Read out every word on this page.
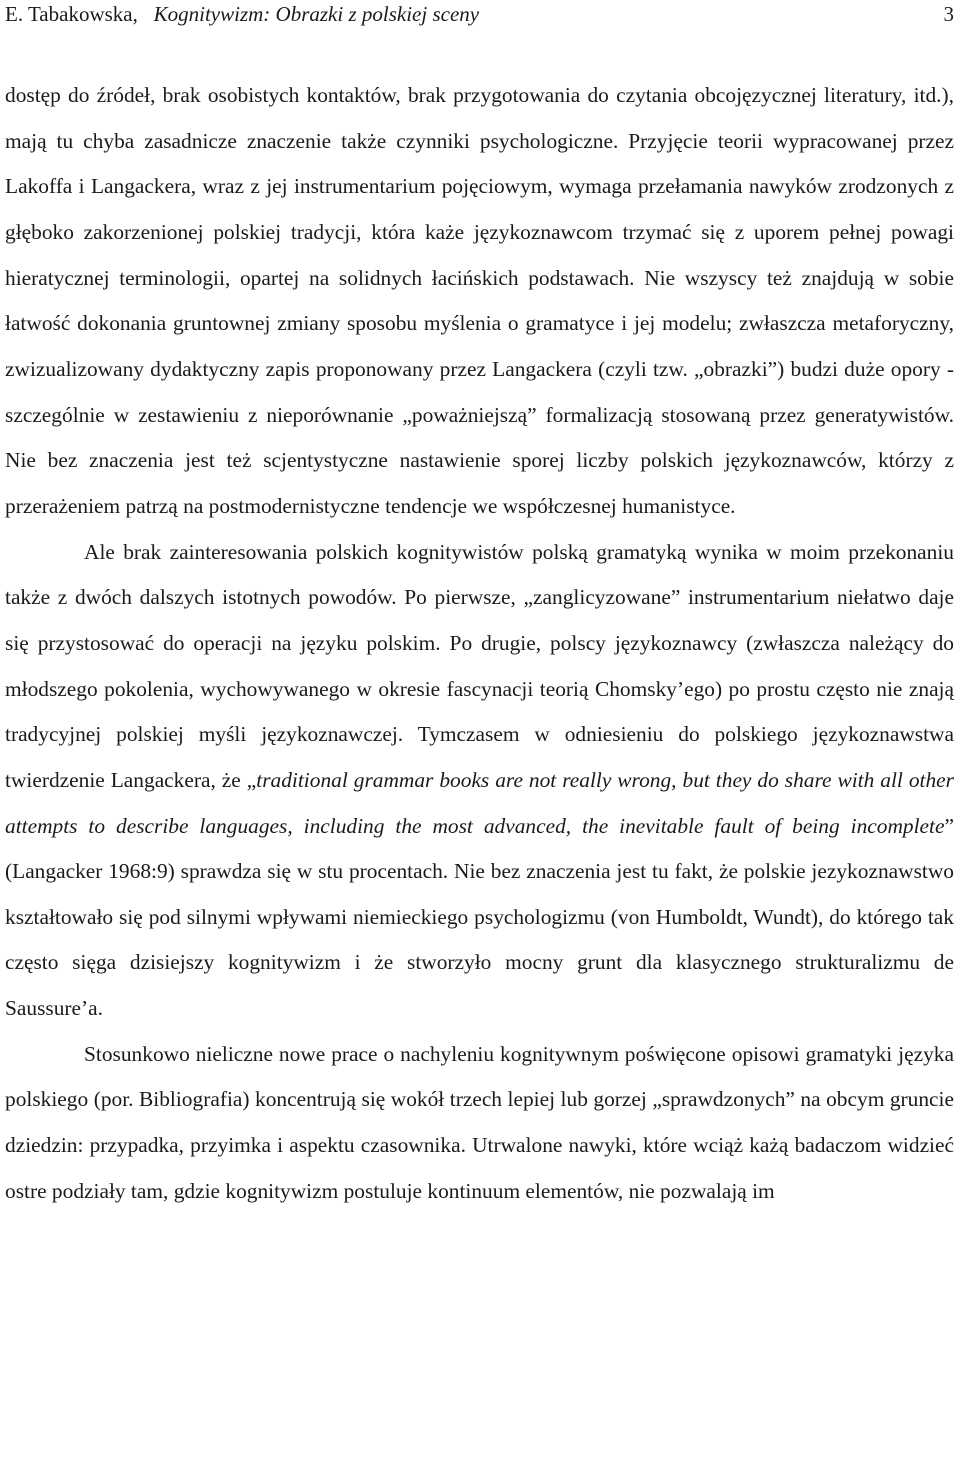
E. Tabakowska, Kognitywizm: Obrazki z polskiej sceny	3

dostęp do źródeł, brak osobistych kontaktów, brak przygotowania do czytania obcojęzycznej literatury, itd.), mają tu chyba zasadnicze znaczenie także czynniki psychologiczne. Przyjęcie teorii wypracowanej przez Lakoffa i Langackera, wraz z jej instrumentarium pojęciowym, wymaga przełamania nawyków zrodzonych z głęboko zakorzenionej polskiej tradycji, która każe językoznawcom trzymać się z uporem pełnej powagi hieratycznej terminologii, opartej na solidnych łacińskich podstawach. Nie wszyscy też znajdują w sobie łatwość dokonania gruntownej zmiany sposobu myślenia o gramatyce i jej modelu; zwłaszcza metaforyczny, zwizualizowany dydaktyczny zapis proponowany przez Langackera (czyli tzw. „obrazki”) budzi duże opory - szczególnie w zestawieniu z nieporównanie „poważniejszą” formalizacją stosowaną przez generatywistów. Nie bez znaczenia jest też scjentystyczne nastawienie sporej liczby polskich językoznawców, którzy z przerażeniem patrzą na postmodernistyczne tendencje we współczesnej humanistyce.

Ale brak zainteresowania polskich kognitywistów polską gramatyką wynika w moim przekonaniu także z dwóch dalszych istotnych powodów. Po pierwsze, „zanglicyzowane” instrumentarium niełatwo daje się przystosować do operacji na języku polskim. Po drugie, polscy językoznawcy (zwłaszcza należący do młodszego pokolenia, wychowywanego w okresie fascynacji teorią Chomsky’ego) po prostu często nie znają tradycyjnej polskiej myśli językoznawczej. Tymczasem w odniesieniu do polskiego językoznawstwa twierdzenie Langackera, że „traditional grammar books are not really wrong, but they do share with all other attempts to describe languages, including the most advanced, the inevitable fault of being incomplete” (Langacker 1968:9) sprawdza się w stu procentach. Nie bez znaczenia jest tu fakt, że polskie jezykoznawstwo kształtowało się pod silnymi wpływami niemieckiego psychologizmu (von Humboldt, Wundt), do którego tak często sięga dzisiejszy kognitywizm i że stworzyło mocny grunt dla klasycznego strukturalizmu de Saussure’a.

Stosunkowo nieliczne nowe prace o nachyleniu kognitywnym poświęcone opisowi gramatyki języka polskiego (por. Bibliografia) koncentrują się wokół trzech lepiej lub gorzej „sprawdzonych” na obcym gruncie dziedzin: przypadka, przyimka i aspektu czasownika. Utrwalone nawyki, które wciąż każą badaczom widzieć ostre podziały tam, gdzie kognitywizm postuluje kontinuum elementów, nie pozwalają im
